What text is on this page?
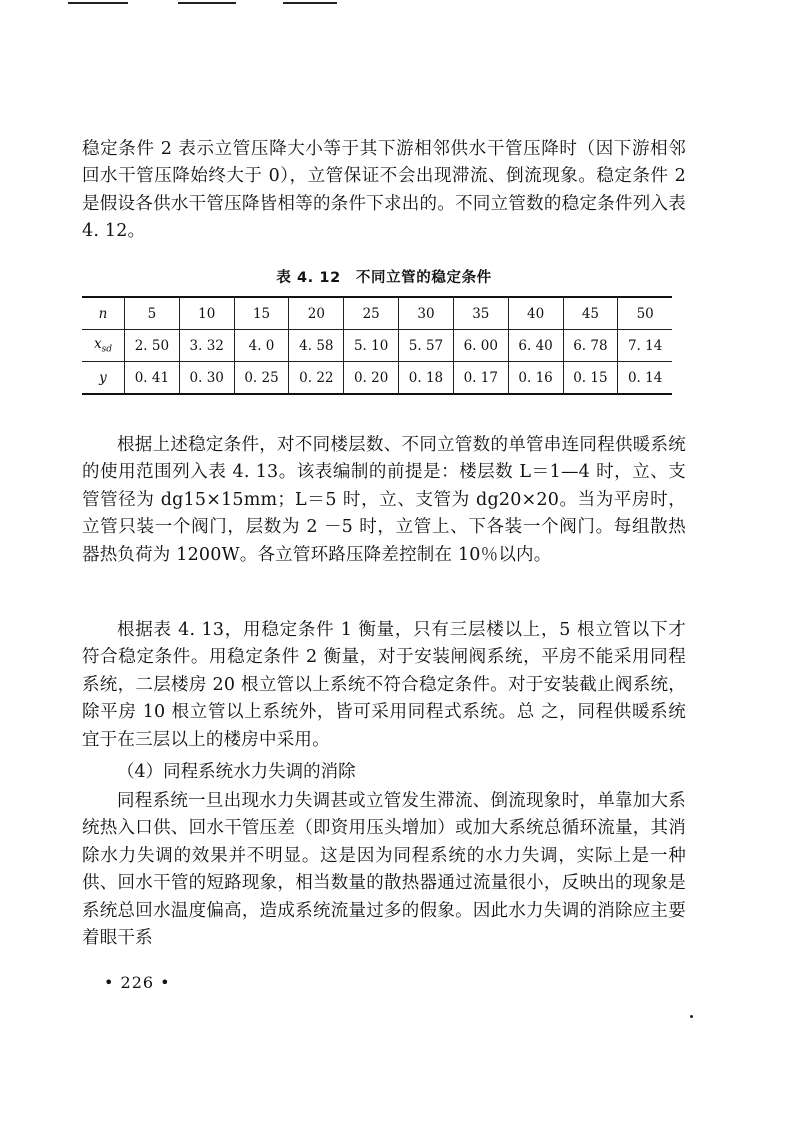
稳定条件 2 表示立管压降大小等于其下游相邻供水干管压降时（因下游相邻回水干管压降始终大于 0），立管保证不会出现滞流、倒流现象。稳定条件 2 是假设各供水干管压降皆相等的条件下求出的。不同立管数的稳定条件列入表 4. 12。

表 4. 12　不同立管的稳定条件
n	5	10	15	20	25	30	35	40	45	50
$x_{sd}$	2. 50	3. 32	4. 0	4. 58	5. 10	5. 57	6. 00	6. 40	6. 78	7. 14
y	0. 41	0. 30	0. 25	0. 22	0. 20	0. 18	0. 17	0. 16	0. 15	0. 14

根据上述稳定条件，对不同楼层数、不同立管数的单管串连同程供暖系统的使用范围列入表 4. 13。该表编制的前提是：楼层数 L＝1—4 时，立、支管管径为 dg15×15mm；L＝5 时，立、支管为 dg20×20。当为平房时，立管只装一个阀门，层数为 2 －5 时，立管上、下各装一个阀门。每组散热器热负荷为 1200W。各立管环路压降差控制在 10％以内。

根据表 4. 13，用稳定条件 1 衡量，只有三层楼以上，5 根立管以下才符合稳定条件。用稳定条件 2 衡量，对于安装闸阀系统，平房不能采用同程系统，二层楼房 20 根立管以上系统不符合稳定条件。对于安装截止阀系统，除平房 10 根立管以上系统外，皆可采用同程式系统。总 之，同程供暖系统宜于在三层以上的楼房中采用。

（4）同程系统水力失调的消除

同程系统一旦出现水力失调甚或立管发生滞流、倒流现象时，单靠加大系统热入口供、回水干管压差（即资用压头增加）或加大系统总循环流量，其消除水力失调的效果并不明显。这是因为同程系统的水力失调，实际上是一种供、回水干管的短路现象，相当数量的散热器通过流量很小，反映出的现象是系统总回水温度偏高，造成系统流量过多的假象。因此水力失调的消除应主要着眼干系

• 226 •
